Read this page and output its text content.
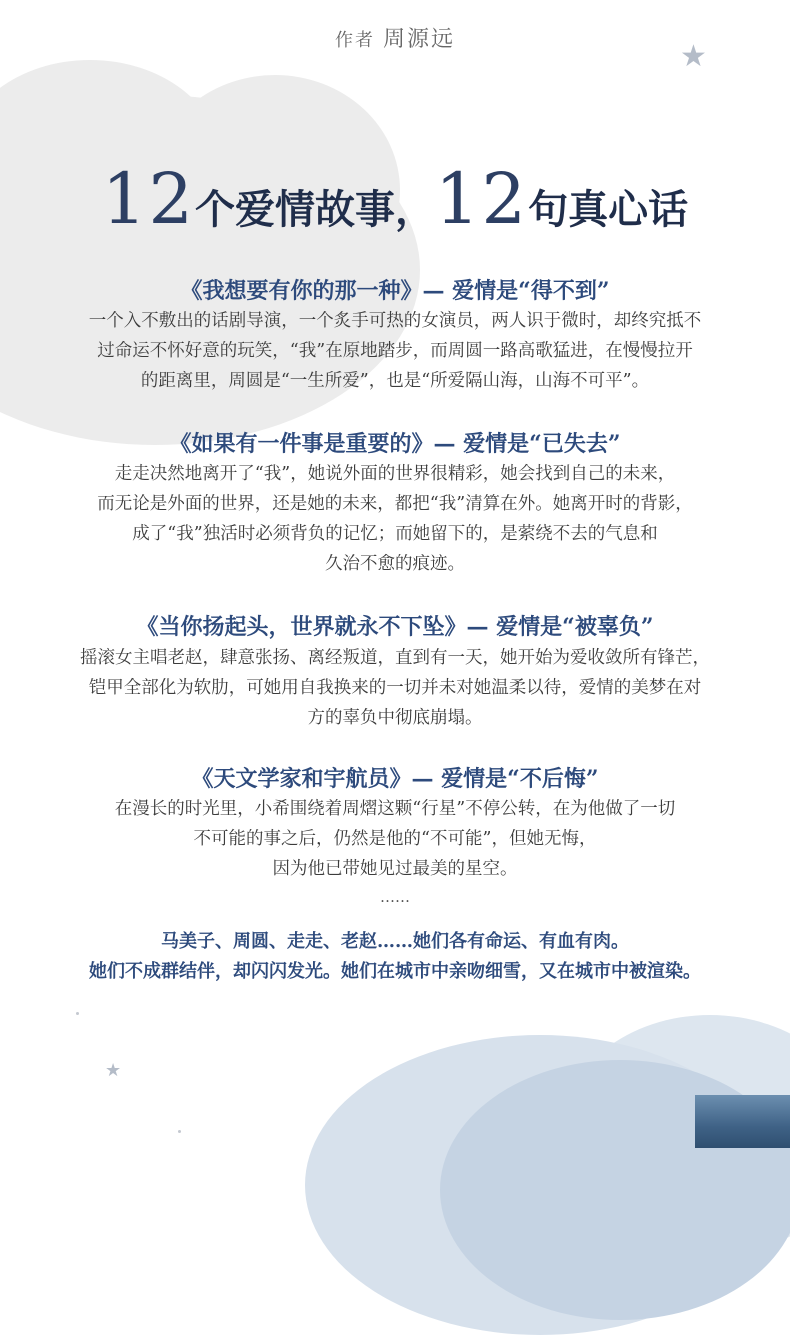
★
★
作者 周源远
12个爱情故事，12句真心话
《我想要有你的那一种》— 爱情是“得不到”
一个入不敷出的话剧导演，一个炙手可热的女演员，两人识于微时，却终究抵不
过命运不怀好意的玩笑，“我”在原地踏步，而周圆一路高歌猛进，在慢慢拉开
的距离里，周圆是“一生所爱”，也是“所爱隔山海，山海不可平”。
《如果有一件事是重要的》— 爱情是“已失去”
走走决然地离开了“我”，她说外面的世界很精彩，她会找到自己的未来，
而无论是外面的世界，还是她的未来，都把“我”清算在外。她离开时的背影，
成了“我”独活时必须背负的记忆；而她留下的，是萦绕不去的气息和
久治不愈的痕迹。
《当你扬起头，世界就永不下坠》— 爱情是“被辜负”
摇滚女主唱老赵，肆意张扬、离经叛道，直到有一天，她开始为爱收敛所有锋芒，
铠甲全部化为软肋，可她用自我换来的一切并未对她温柔以待，爱情的美梦在对
方的辜负中彻底崩塌。
《天文学家和宇航员》— 爱情是“不后悔”
在漫长的时光里，小希围绕着周熠这颗“行星”不停公转，在为他做了一切
不可能的事之后，仍然是他的“不可能”，但她无悔，
因为他已带她见过最美的星空。
……
马美子、周圆、走走、老赵……她们各有命运、有血有肉。
她们不成群结伴，却闪闪发光。她们在城市中亲吻细雪，又在城市中被渲染。
